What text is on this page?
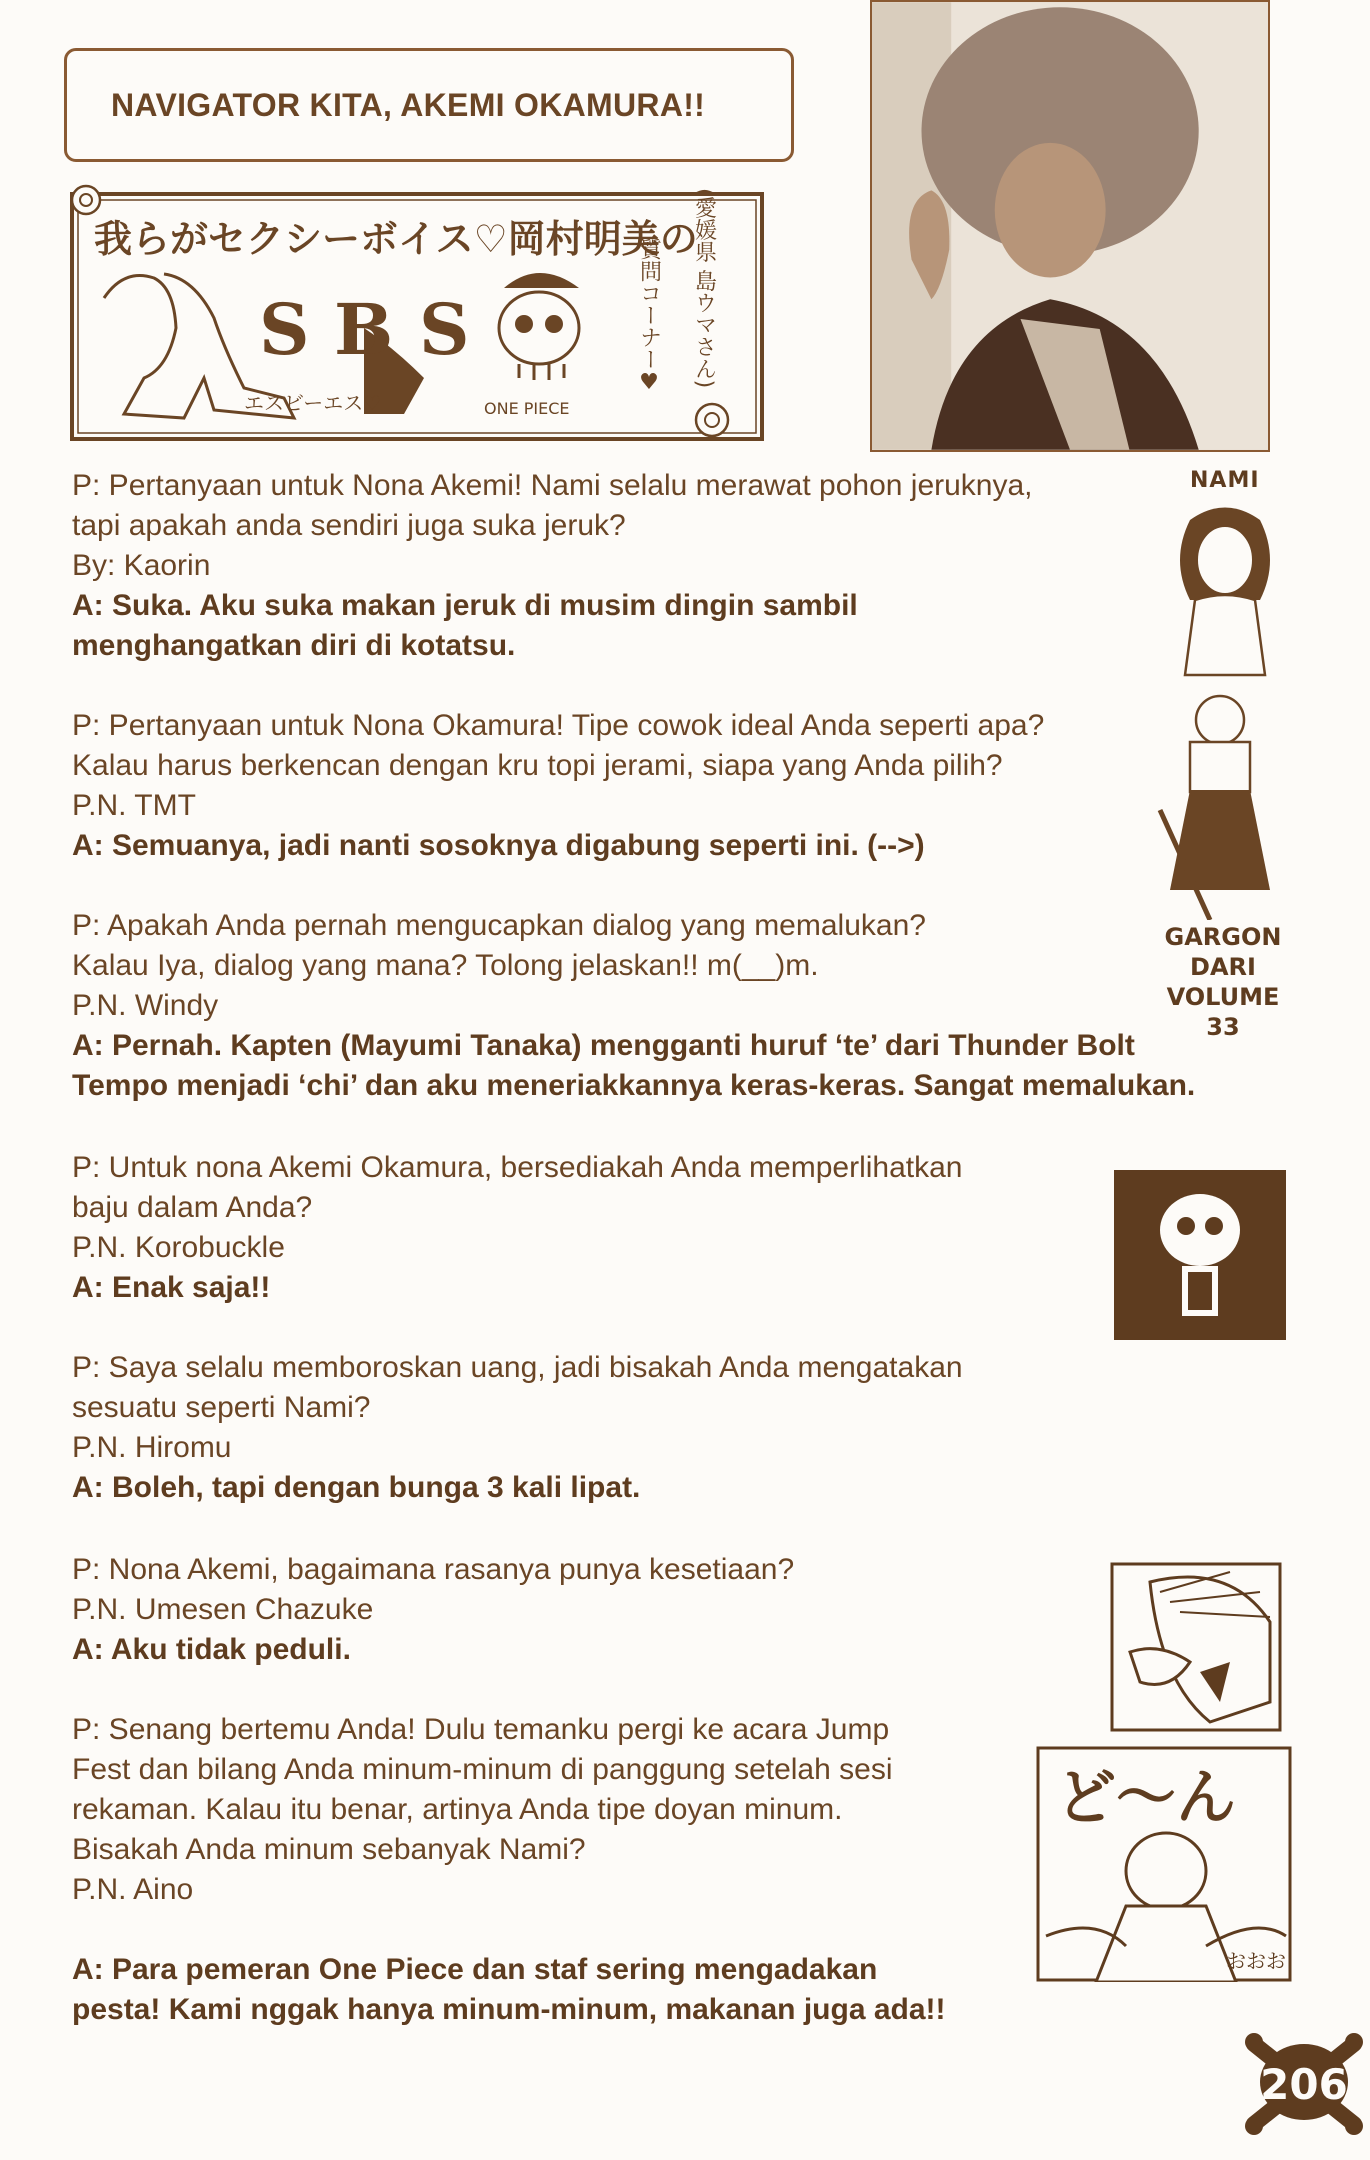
NAVIGATOR KITA, AKEMI OKAMURA!!
我らがセクシーボイス♡岡村明美の
S B S
エスビーエス♡	ONE PIECE
質問コーナー♥ (愛媛県 島ウマさん)
NAMI
GARGON DARI
VOLUME 33

P: Pertanyaan untuk Nona Akemi! Nami selalu merawat pohon jeruknya,

tapi apakah anda sendiri juga suka jeruk?

By: Kaorin

A: Suka. Aku suka makan jeruk di musim dingin sambil

menghangatkan diri di kotatsu.

P: Pertanyaan untuk Nona Okamura! Tipe cowok ideal Anda seperti apa?

Kalau harus berkencan dengan kru topi jerami, siapa yang Anda pilih?

P.N. TMT

A: Semuanya, jadi nanti sosoknya digabung seperti ini. (-->)

P: Apakah Anda pernah mengucapkan dialog yang memalukan?

Kalau Iya, dialog yang mana? Tolong jelaskan!! m(__)m.

P.N. Windy

A: Pernah. Kapten (Mayumi Tanaka) mengganti huruf ‘te’ dari Thunder Bolt

Tempo menjadi ‘chi’ dan aku meneriakkannya keras-keras. Sangat memalukan.

P: Untuk nona Akemi Okamura, bersediakah Anda memperlihatkan

baju dalam Anda?

P.N. Korobuckle

A: Enak saja!!

P: Saya selalu memboroskan uang, jadi bisakah Anda mengatakan

sesuatu seperti Nami?

P.N. Hiromu

A: Boleh, tapi dengan bunga 3 kali lipat.

P: Nona Akemi, bagaimana rasanya punya kesetiaan?

P.N. Umesen Chazuke

A: Aku tidak peduli.

ど～ん
おおお

P: Senang bertemu Anda! Dulu temanku pergi ke acara Jump

Fest dan bilang Anda minum-minum di panggung setelah sesi

rekaman. Kalau itu benar, artinya Anda tipe doyan minum.

Bisakah Anda minum sebanyak Nami?

P.N. Aino

A: Para pemeran One Piece dan staf sering mengadakan

pesta! Kami nggak hanya minum-minum, makanan juga ada!!

206
